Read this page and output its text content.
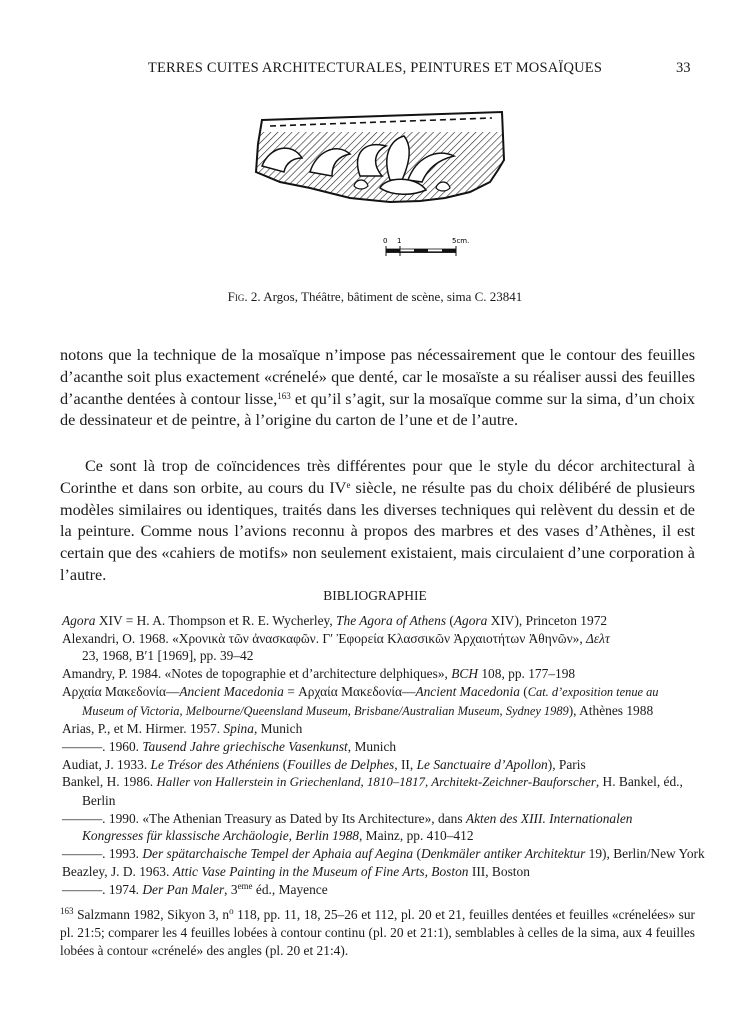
TERRES CUITES ARCHITECTURALES, PEINTURES ET MOSAÏQUES	33
0 1	5cm.
Fig. 2. Argos, Théâtre, bâtiment de scène, sima C. 23841
notons que la technique de la mosaïque n’impose pas nécessairement que le contour des feuilles d’acanthe soit plus exactement «crénelé» que denté, car le mosaïste a su réaliser aussi des feuilles d’acanthe dentées à contour lisse,$^{163}$ et qu’il s’agit, sur la mosaïque comme sur la sima, d’un choix de dessinateur et de peintre, à l’origine du carton de l’une et de l’autre.
Ce sont là trop de coïncidences très différentes pour que le style du décor architectural à Corinthe et dans son orbite, au cours du IVe siècle, ne résulte pas du choix délibéré de plusieurs modèles similaires ou identiques, traités dans les diverses techniques qui relèvent du dessin et de la peinture. Comme nous l’avions reconnu à propos des marbres et des vases d’Athènes, il est certain que des «cahiers de motifs» non seulement existaient, mais circulaient d’une corporation à l’autre.
BIBLIOGRAPHIE
Agora XIV = H. A. Thompson et R. E. Wycherley, The Agora of Athens (Agora XIV), Princeton 1972
Alexandri, O. 1968. «Χρονικὰ τῶν ἀνασκαφῶν. Γ′ Ἐφορεία Κλασσικῶν Ἀρχαιοτήτων Ἀθηνῶν», Δελτ
23, 1968, B′1 [1969], pp. 39–42
Amandry, P. 1984. «Notes de topographie et d’architecture delphiques», BCH 108, pp. 177–198
Αρχαία Μακεδονία—Ancient Macedonia = Αρχαία Μακεδονία—Ancient Macedonia (Cat. d’exposition tenue au
Museum of Victoria, Melbourne/Queensland Museum, Brisbane/Australian Museum, Sydney 1989), Athènes 1988
Arias, P., et M. Hirmer. 1957. Spina, Munich
———. 1960. Tausend Jahre griechische Vasenkunst, Munich
Audiat, J. 1933. Le Trésor des Athéniens (Fouilles de Delphes, II, Le Sanctuaire d’Apollon), Paris
Bankel, H. 1986. Haller von Hallerstein in Griechenland, 1810–1817, Architekt-Zeichner-Bauforscher, H. Bankel, éd.,
Berlin
———. 1990. «The Athenian Treasury as Dated by Its Architecture», dans Akten des XIII. Internationalen
Kongresses für klassische Archäologie, Berlin 1988, Mainz, pp. 410–412
———. 1993. Der spätarchaische Tempel der Aphaia auf Aegina (Denkmäler antiker Architektur 19), Berlin/New York
Beazley, J. D. 1963. Attic Vase Painting in the Museum of Fine Arts, Boston III, Boston
———. 1974. Der Pan Maler, 3eme éd., Mayence
$^{163}$ Salzmann 1982, Sikyon 3, $n^o$ 118, pp. 11, 18, 25–26 et 112, pl. 20 et 21, feuilles dentées et feuilles «crénelées» sur pl. 21:5; comparer les 4 feuilles lobées à contour continu (pl. 20 et 21:1), semblables à celles de la sima, aux 4 feuilles lobées à contour «crénelé» des angles (pl. 20 et 21:4).
